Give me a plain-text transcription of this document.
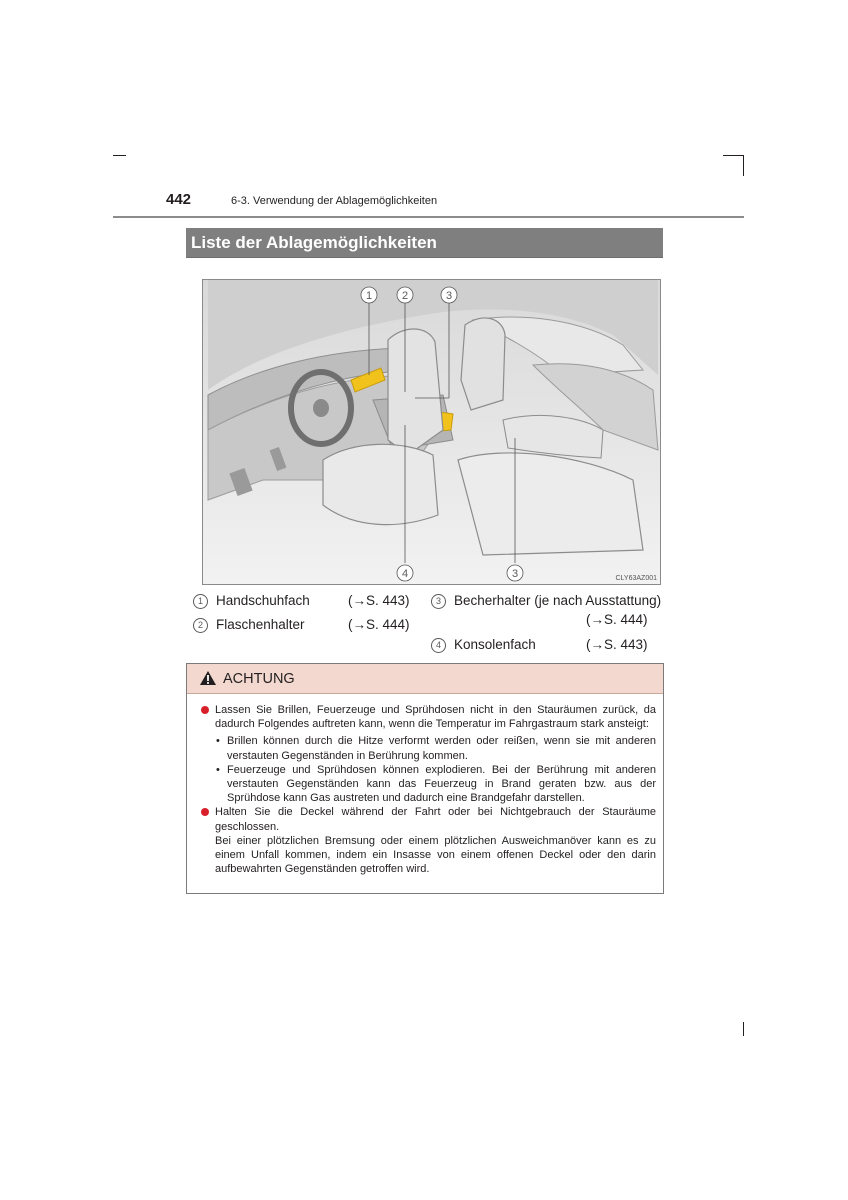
442	6-3. Verwendung der Ablagemöglichkeiten
Liste der Ablagemöglichkeiten
1	2	3
4	3	CLY63AZ001
1 Handschuhfach	(→S. 443)
2 Flaschenhalter	(→S. 444)
3 Becherhalter (je nach Ausstattung)
(→S. 444)
4 Konsolenfach	(→S. 443)
ACHTUNG
Lassen Sie Brillen, Feuerzeuge und Sprühdosen nicht in den Stauräumen zurück, da dadurch Folgendes auftreten kann, wenn die Temperatur im Fahrgastraum stark ansteigt:
• Brillen können durch die Hitze verformt werden oder reißen, wenn sie mit anderen verstauten Gegenständen in Berührung kommen.
• Feuerzeuge und Sprühdosen können explodieren. Bei der Berührung mit anderen verstauten Gegenständen kann das Feuerzeug in Brand geraten bzw. aus der Sprühdose kann Gas austreten und dadurch eine Brandgefahr darstellen.
Halten Sie die Deckel während der Fahrt oder bei Nichtgebrauch der Stauräume geschlossen.
Bei einer plötzlichen Bremsung oder einem plötzlichen Ausweichmanöver kann es zu einem Unfall kommen, indem ein Insasse von einem offenen Deckel oder den darin aufbewahrten Gegenständen getroffen wird.
